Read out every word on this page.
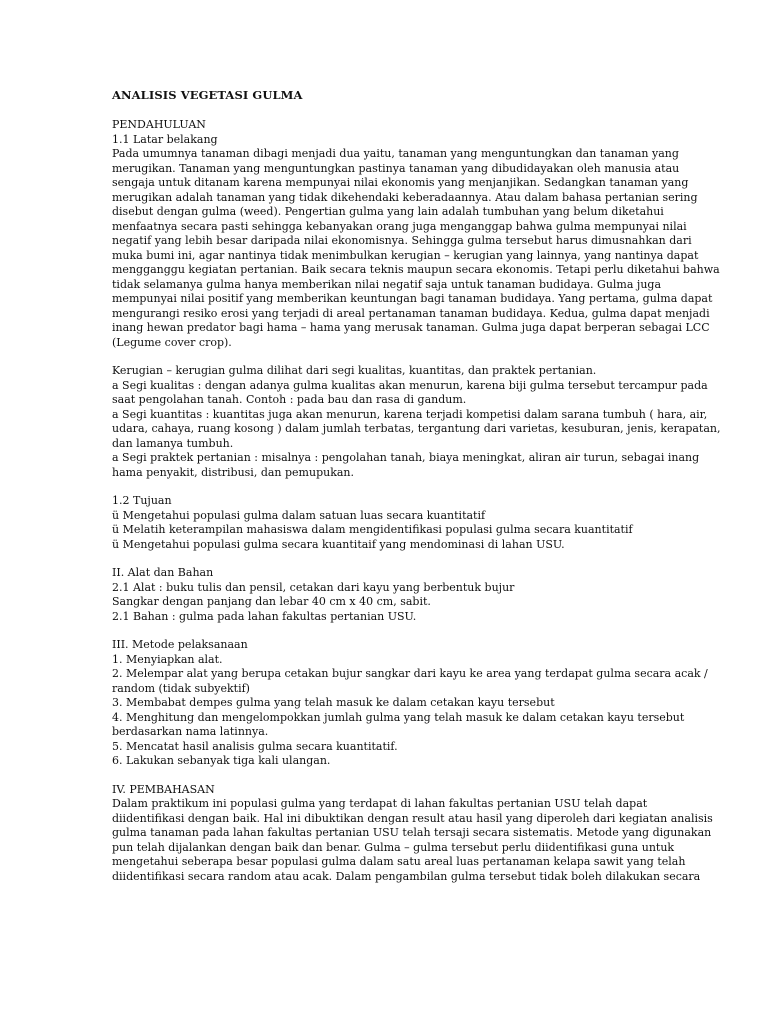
ANALISIS VEGETASI GULMA
PENDAHULUAN
1.1 Latar belakang
Pada umumnya tanaman dibagi menjadi dua yaitu, tanaman yang menguntungkan dan tanaman yang
merugikan. Tanaman yang menguntungkan pastinya tanaman yang dibudidayakan oleh manusia atau
sengaja untuk ditanam karena mempunyai nilai ekonomis yang menjanjikan. Sedangkan tanaman yang
merugikan adalah tanaman yang tidak dikehendaki keberadaannya. Atau dalam bahasa pertanian sering
disebut dengan gulma (weed). Pengertian gulma yang lain adalah tumbuhan yang belum diketahui
menfaatnya secara pasti sehingga kebanyakan orang juga menganggap bahwa gulma mempunyai nilai
negatif yang lebih besar daripada nilai ekonomisnya. Sehingga gulma tersebut harus dimusnahkan dari
muka bumi ini, agar nantinya tidak menimbulkan kerugian – kerugian yang lainnya, yang nantinya dapat
mengganggu kegiatan pertanian. Baik secara teknis maupun secara ekonomis. Tetapi perlu diketahui bahwa
tidak selamanya gulma hanya memberikan nilai negatif saja untuk tanaman budidaya. Gulma juga
mempunyai nilai positif yang memberikan keuntungan bagi tanaman budidaya. Yang pertama, gulma dapat
mengurangi resiko erosi yang terjadi di areal pertanaman tanaman budidaya. Kedua, gulma dapat menjadi
inang hewan predator bagi hama – hama yang merusak tanaman. Gulma juga dapat berperan sebagai LCC
(Legume cover crop).
Kerugian – kerugian gulma dilihat dari segi kualitas, kuantitas, dan praktek pertanian.
a Segi kualitas : dengan adanya gulma kualitas akan menurun, karena biji gulma tersebut tercampur pada
saat pengolahan tanah. Contoh : pada bau dan rasa di gandum.
a Segi kuantitas : kuantitas juga akan menurun, karena terjadi kompetisi dalam sarana tumbuh ( hara, air,
udara, cahaya, ruang kosong ) dalam jumlah terbatas, tergantung dari varietas, kesuburan, jenis, kerapatan,
dan lamanya tumbuh.
a Segi praktek pertanian : misalnya : pengolahan tanah, biaya meningkat, aliran air turun, sebagai inang
hama penyakit, distribusi, dan pemupukan.
1.2 Tujuan
ü Mengetahui populasi gulma dalam satuan luas secara kuantitatif
ü Melatih keterampilan mahasiswa dalam mengidentifikasi populasi gulma secara kuantitatif
ü Mengetahui populasi gulma secara kuantitaif yang mendominasi di lahan USU.
II. Alat dan Bahan
2.1 Alat : buku tulis dan pensil, cetakan dari kayu yang berbentuk bujur
Sangkar dengan panjang dan lebar 40 cm x 40 cm, sabit.
2.1 Bahan : gulma pada lahan fakultas pertanian USU.
III. Metode pelaksanaan
1. Menyiapkan alat.
2. Melempar alat yang berupa cetakan bujur sangkar dari kayu ke area yang terdapat gulma secara acak /
random (tidak subyektif)
3. Membabat dempes gulma yang telah masuk ke dalam cetakan kayu tersebut
4. Menghitung dan mengelompokkan jumlah gulma yang telah masuk ke dalam cetakan kayu tersebut
berdasarkan nama latinnya.
5. Mencatat hasil analisis gulma secara kuantitatif.
6. Lakukan sebanyak tiga kali ulangan.
IV. PEMBAHASAN
Dalam praktikum ini populasi gulma yang terdapat di lahan fakultas pertanian USU telah dapat
diidentifikasi dengan baik. Hal ini dibuktikan dengan result atau hasil yang diperoleh dari kegiatan analisis
gulma tanaman pada lahan fakultas pertanian USU telah tersaji secara sistematis. Metode yang digunakan
pun telah dijalankan dengan baik dan benar. Gulma – gulma tersebut perlu diidentifikasi guna untuk
mengetahui seberapa besar populasi gulma dalam satu areal luas pertanaman kelapa sawit yang telah
diidentifikasi secara random atau acak. Dalam pengambilan gulma tersebut tidak boleh dilakukan secara
